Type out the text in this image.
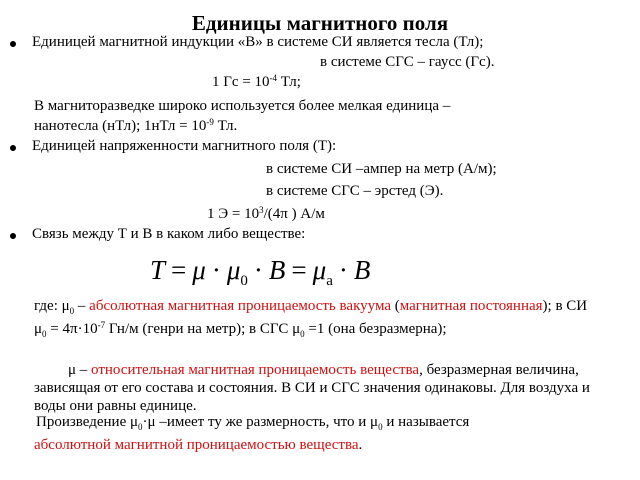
Единицы магнитного поля
Единицей магнитной индукции «В» в системе СИ является тесла (Тл);
в системе СГС – гаусс (Гс).
1 Гс = $10^{-4}$ Тл;
В магниторазведке широко используется более мелкая единица –
нанотесла (нТл); $1нТл = 10^{-9}$ Тл.
Единицей напряженности магнитного поля (Т):
в системе СИ –ампер на метр (А/м);
в системе СГС – эрстед (Э).
1 $Э = 10^3/(4\pi$ ) А/м
Связь между Т и В в каком либо веществе:
$T = \mu \cdot \mu_0 \cdot B = \mu_a \cdot B$
где: $\mu_0$ – абсолютная магнитная проницаемость вакуума (магнитная постоянная); в СИ $\mu_0 = 4\pi\cdot 10^{-7}$ Гн/м (генри на метр); в СГС $\mu_0 =1$ (она безразмерна);
μ – относительная магнитная проницаемость вещества, безразмерная величина, зависящая от его состава и состояния. В СИ и СГС значения одинаковы. Для воздуха и воды они равны единице.
Произведение $\mu_0\cdot\mu$ –имеет ту же размерность, что и $\mu_0$ и называется
абсолютной магнитной проницаемостью вещества.
